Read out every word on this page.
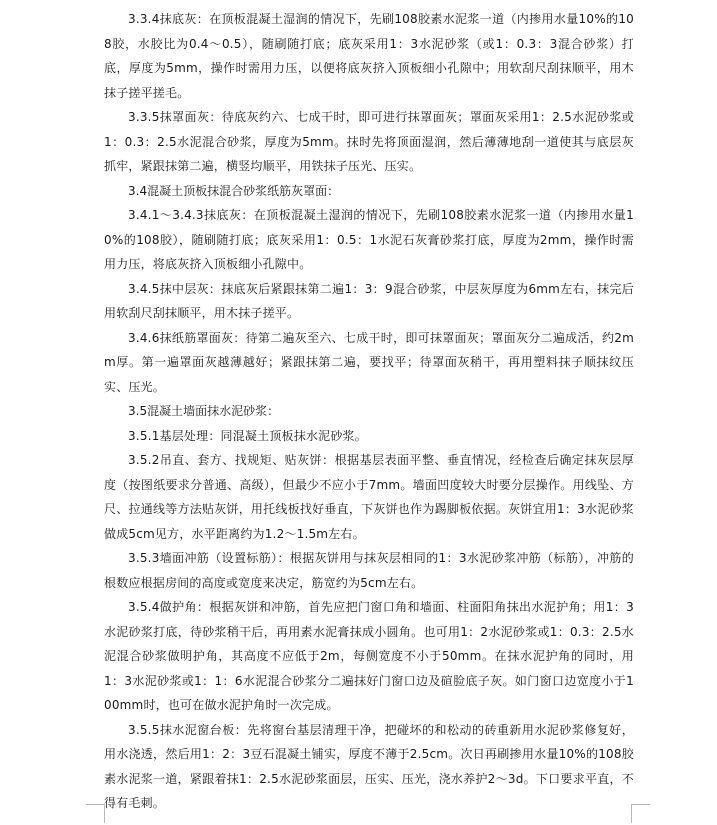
3.3.4抹底灰：在顶板混凝土湿润的情况下，先刷108胶素水泥浆一道（内掺用水量10%的108胶，水胶比为0.4～0.5），随刷随打底；底灰采用1：3水泥砂浆（或1：0.3：3混合砂浆）打底，厚度为5mm，操作时需用力压，以便将底灰挤入顶板细小孔隙中；用软刮尺刮抹顺平，用木抹子搓平搓毛。

3.3.5抹罩面灰：待底灰约六、七成干时，即可进行抹罩面灰；罩面灰采用1：2.5水泥砂浆或1：0.3：2.5水泥混合砂浆，厚度为5mm。抹时先将顶面湿润，然后薄薄地刮一道使其与底层灰抓牢，紧跟抹第二遍，横竖均顺平，用铁抹子压光、压实。

3.4混凝土顶板抹混合砂浆纸筋灰罩面：

3.4.1～3.4.3抹底灰：在顶板混凝土湿润的情况下，先刷108胶素水泥浆一道（内掺用水量10%的108胶），随刷随打底；底灰采用1：0.5：1水泥石灰膏砂浆打底，厚度为2mm，操作时需用力压，将底灰挤入顶板细小孔隙中。

3.4.5抹中层灰：抹底灰后紧跟抹第二遍1：3：9混合砂浆，中层灰厚度为6mm左右，抹完后用软刮尺刮抹顺平，用木抹子搓平。

3.4.6抹纸筋罩面灰：待第二遍灰至六、七成干时，即可抹罩面灰；罩面灰分二遍成活，约2mm厚。第一遍罩面灰越薄越好；紧跟抹第二遍，要找平；待罩面灰稍干，再用塑料抹子顺抹纹压实、压光。

3.5混凝土墙面抹水泥砂浆：

3.5.1基层处理：同混凝土顶板抹水泥砂浆。

3.5.2吊直、套方、找规矩、贴灰饼：根据基层表面平整、垂直情况，经检查后确定抹灰层厚度（按图纸要求分普通、高级），但最少不应小于7mm。墙面凹度较大时要分层操作。用线坠、方尺、拉通线等方法贴灰饼，用托线板找好垂直，下灰饼也作为踢脚板依据。灰饼宜用1：3水泥砂浆做成5cm见方，水平距离约为1.2～1.5m左右。

3.5.3墙面冲筋（设置标筋）：根据灰饼用与抹灰层相同的1：3水泥砂浆冲筋（标筋），冲筋的根数应根据房间的高度或宽度来决定，筋宽约为5cm左右。

3.5.4做护角：根据灰饼和冲筋，首先应把门窗口角和墙面、柱面阳角抹出水泥护角；用1：3水泥砂浆打底，待砂浆稍干后，再用素水泥膏抹成小圆角。也可用1：2水泥砂浆或1：0.3：2.5水泥混合砂浆做明护角，其高度不应低于2m，每侧宽度不小于50mm。在抹水泥护角的同时，用1：3水泥砂浆或1：1：6水泥混合砂浆分二遍抹好门窗口边及碹脸底子灰。如门窗口边宽度小于100mm时，也可在做水泥护角时一次完成。

3.5.5抹水泥窗台板：先将窗台基层清理干净，把碰坏的和松动的砖重新用水泥砂浆修复好，用水浇透，然后用1：2：3豆石混凝土铺实，厚度不薄于2.5cm。次日再刷掺用水量10%的108胶素水泥浆一道，紧跟着抹1：2.5水泥砂浆面层，压实、压光，浇水养护2～3d。下口要求平直，不得有毛刺。
